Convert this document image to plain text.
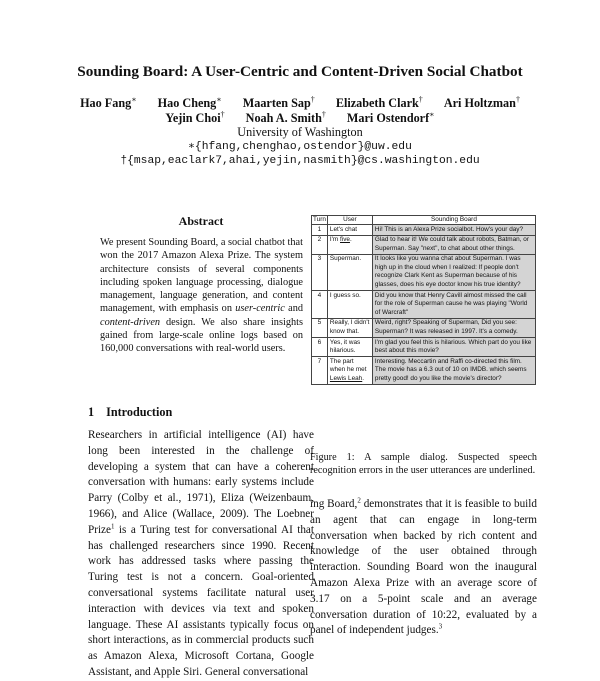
Sounding Board: A User-Centric and Content-Driven Social Chatbot
Hao Fang∗ Hao Cheng∗ Maarten Sap† Elizabeth Clark† Ari Holtzman†
Yejin Choi† Noah A. Smith† Mari Ostendorf∗
University of Washington
∗{hfang,chenghao,ostendor}@uw.edu
†{msap,eaclark7,ahai,yejin,nasmith}@cs.washington.edu
Abstract
We present Sounding Board, a social chatbot that won the 2017 Amazon Alexa Prize. The system architecture consists of several components including spoken language processing, dialogue management, language generation, and content management, with emphasis on user-centric and content-driven design. We also share insights gained from large-scale online logs based on 160,000 conversations with real-world users.
1 Introduction
Researchers in artificial intelligence (AI) have long been interested in the challenge of developing a system that can have a coherent conversation with humans: early systems include Parry (Colby et al., 1971), Eliza (Weizenbaum, 1966), and Alice (Wallace, 2009). The Loebner Prize$^1$ is a Turing test for conversational AI that has challenged researchers since 1990. Recent work has addressed tasks where passing the Turing test is not a concern. Goal-oriented conversational systems facilitate natural user interaction with devices via text and spoken language. These AI assistants typically focus on short interactions, as in commercial products such as Amazon Alexa, Microsoft Cortana, Google Assistant, and Apple Siri. General conversational
Turn	User	Sounding Board
1	Let's chat	Hi! This is an Alexa Prize socialbot. How's your day?
2	I'm five.	Glad to hear it! We could talk about robots, Batman, or Superman. Say "next", to chat about other things.
3	Superman.	It looks like you wanna chat about Superman. I was high up in the cloud when I realized: If people don't recognize Clark Kent as Superman because of his glasses, does his eye doctor know his true identity?
4	I guess so.	Did you know that Henry Cavill almost missed the call for the role of Superman cause he was playing "World of Warcraft"
5	Really, I didn't know that.	Weird, right? Speaking of Superman, Did you see: Superman? It was released in 1997. It's a comedy.
6	Yes, it was hilarious.	I'm glad you feel this is hilarious. Which part do you like best about this movie?
7	The part when he met Lewis Leah.	Interesting. Meccartin and Raffi co-directed this film. The movie has a 6.3 out of 10 on IMDB. which seems pretty good! do you like the movie's director?
Figure 1: A sample dialog. Suspected speech recognition errors in the user utterances are underlined.
ing Board,$^2$ demonstrates that it is feasible to build an agent that can engage in long-term conversation when backed by rich content and knowledge of the user obtained through interaction. Sounding Board won the inaugural Amazon Alexa Prize with an average score of 3.17 on a 5-point scale and an average conversation duration of 10:22, evaluated by a panel of independent judges.$^3$
